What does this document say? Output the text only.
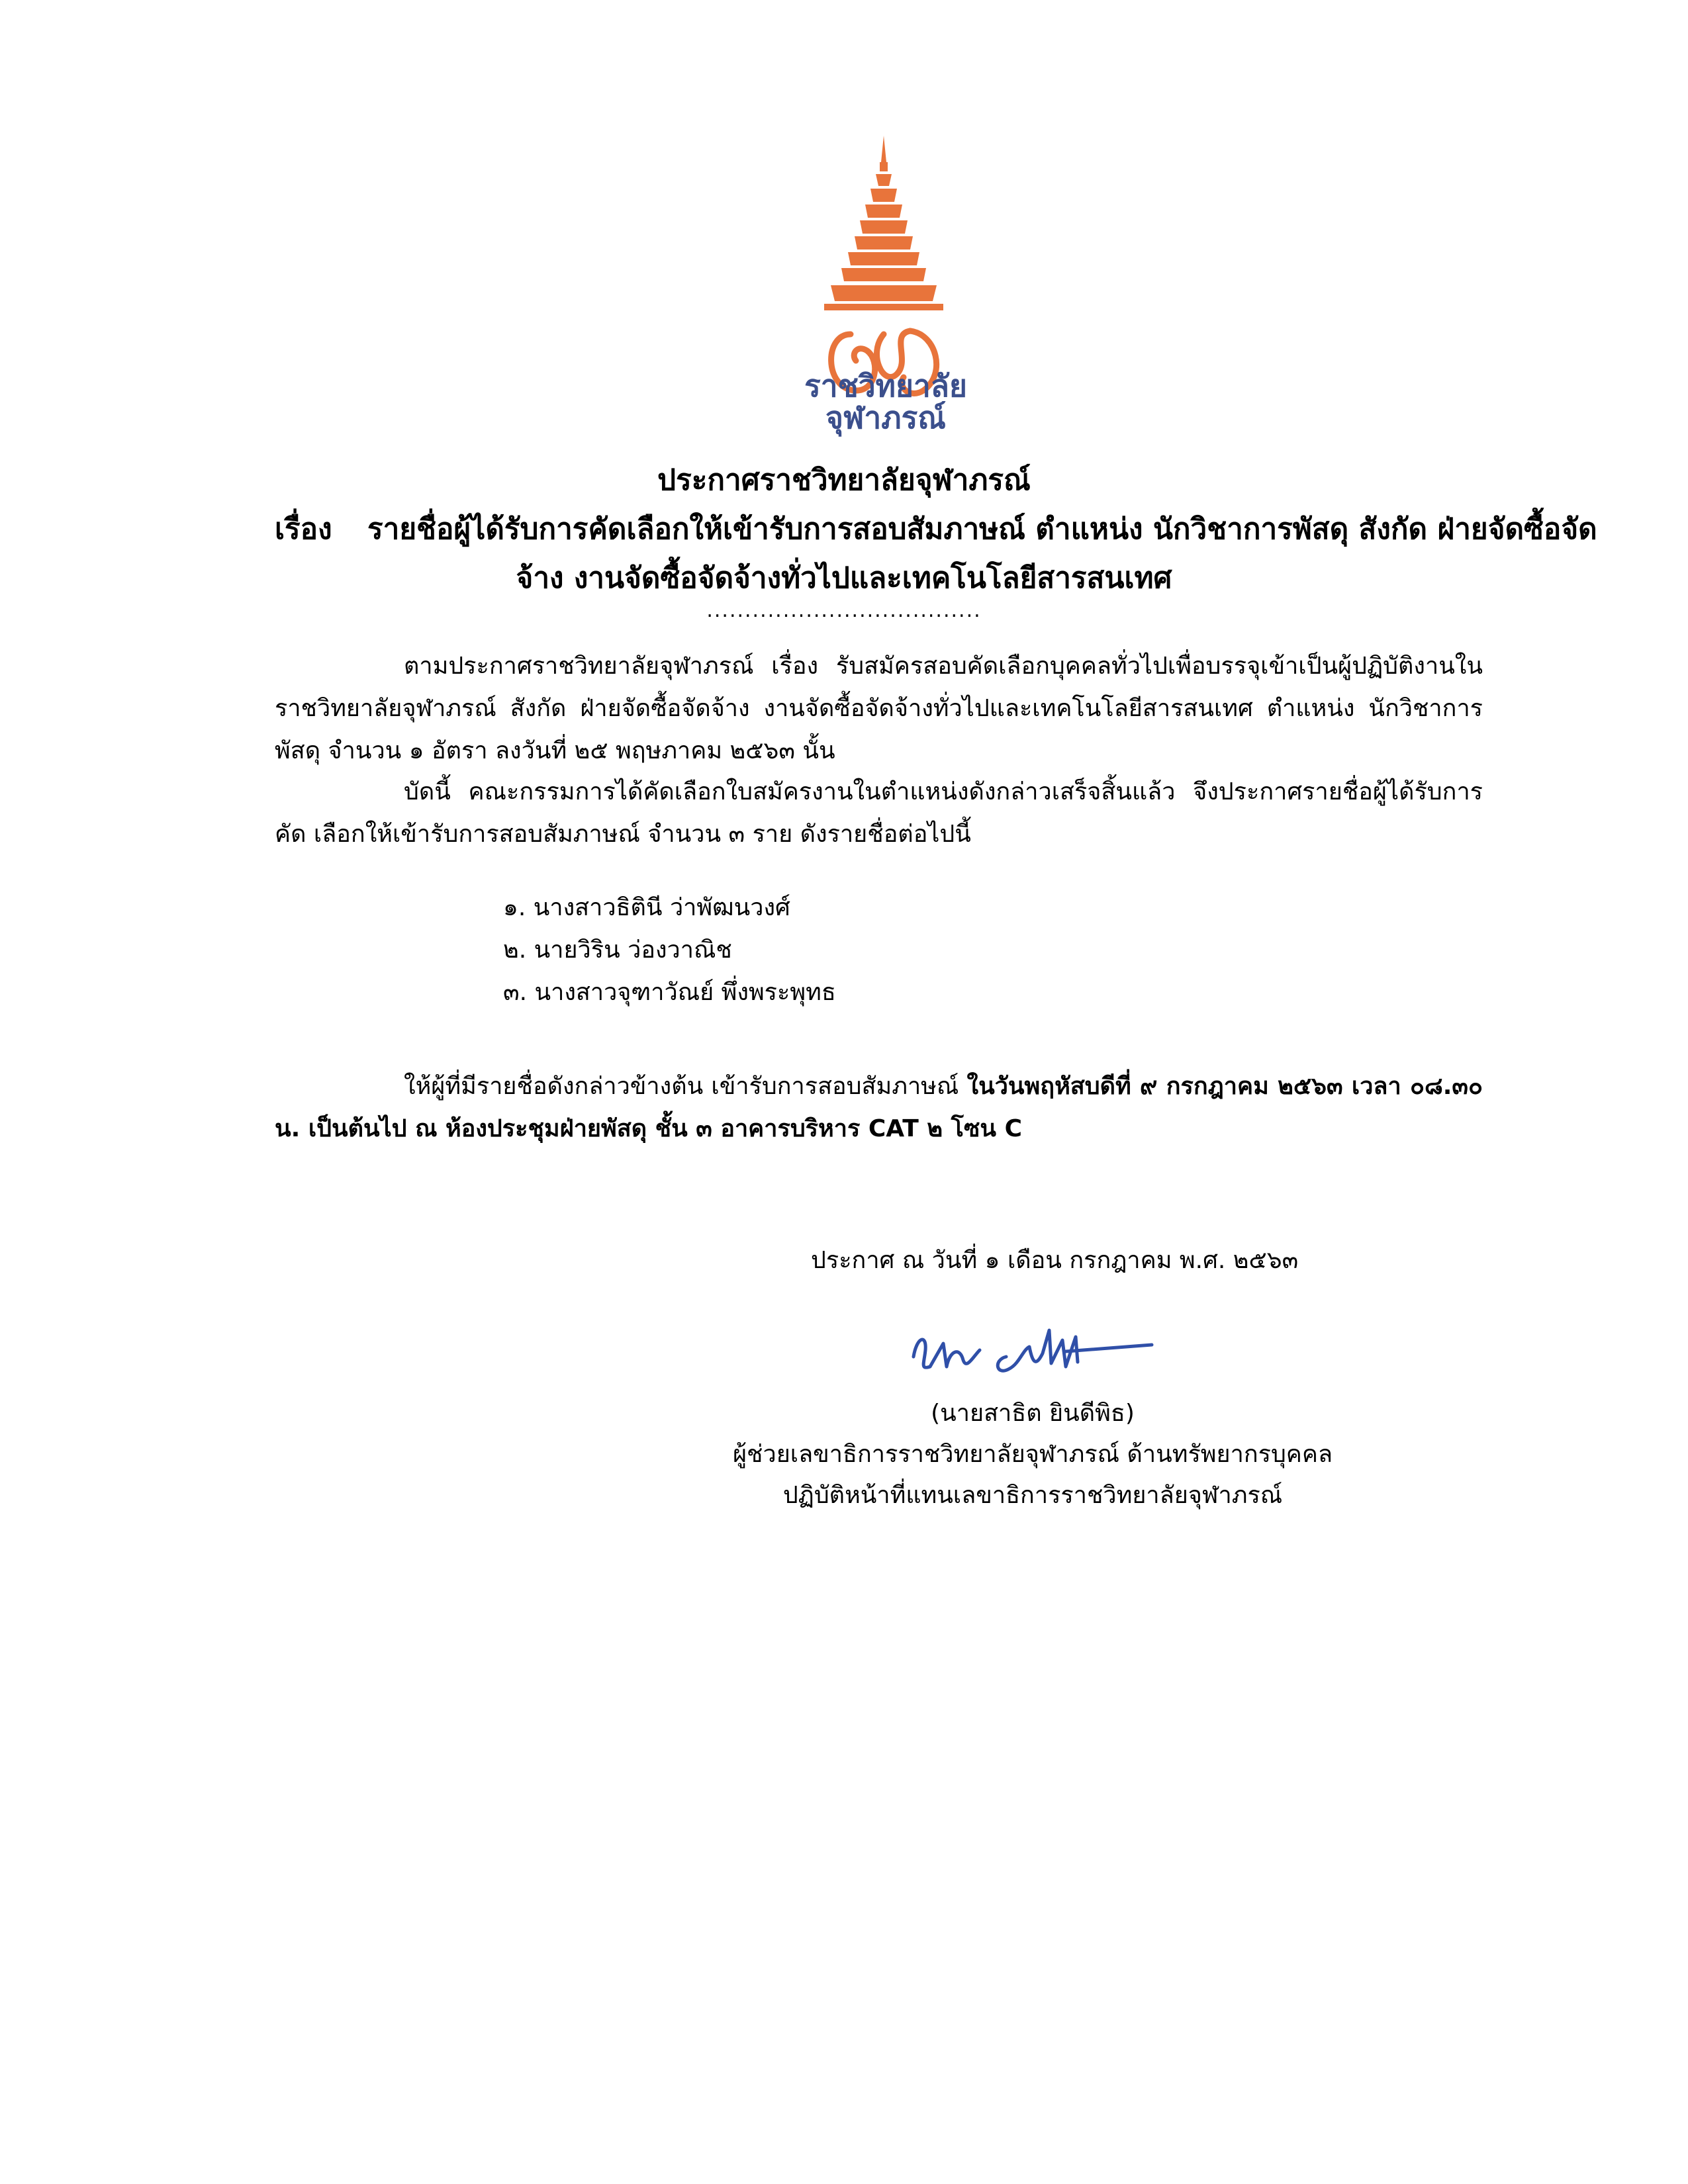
ราชวิทยาลัย
จุฬาภรณ์
ประกาศราชวิทยาลัยจุฬาภรณ์
เรื่อง รายชื่อผู้ได้รับการคัดเลือกให้เข้ารับการสอบสัมภาษณ์ ตำแหน่ง นักวิชาการพัสดุ สังกัด ฝ่ายจัดซื้อจัด
จ้าง งานจัดซื้อจัดจ้างทั่วไปและเทคโนโลยีสารสนเทศ
....................................
ตามประกาศราชวิทยาลัยจุฬาภรณ์ เรื่อง รับสมัครสอบคัดเลือกบุคคลทั่วไปเพื่อบรรจุเข้าเป็นผู้ปฏิบัติงานใน ราชวิทยาลัยจุฬาภรณ์ สังกัด ฝ่ายจัดซื้อจัดจ้าง งานจัดซื้อจัดจ้างทั่วไปและเทคโนโลยีสารสนเทศ ตำแหน่ง นักวิชาการพัสดุ จำนวน ๑ อัตรา ลงวันที่ ๒๕ พฤษภาคม ๒๕๖๓ นั้น
บัดนี้ คณะกรรมการได้คัดเลือกใบสมัครงานในตำแหน่งดังกล่าวเสร็จสิ้นแล้ว จึงประกาศรายชื่อผู้ได้รับการคัด เลือกให้เข้ารับการสอบสัมภาษณ์ จำนวน ๓ ราย ดังรายชื่อต่อไปนี้
๑. นางสาวธิตินี ว่าพัฒนวงศ์
๒. นายวิริน ว่องวาณิช
๓. นางสาวจุฑาวัณย์ พึ่งพระพุทธ
ให้ผู้ที่มีรายชื่อดังกล่าวข้างต้น เข้ารับการสอบสัมภาษณ์ ในวันพฤหัสบดีที่ ๙ กรกฎาคม ๒๕๖๓ เวลา ๐๘.๓๐ น. เป็นต้นไป ณ ห้องประชุมฝ่ายพัสดุ ชั้น ๓ อาคารบริหาร CAT ๒ โซน C
ประกาศ ณ วันที่ ๑ เดือน กรกฎาคม พ.ศ. ๒๕๖๓
(นายสาธิต ยินดีพิธ)
ผู้ช่วยเลขาธิการราชวิทยาลัยจุฬาภรณ์ ด้านทรัพยากรบุคคล
ปฏิบัติหน้าที่แทนเลขาธิการราชวิทยาลัยจุฬาภรณ์
